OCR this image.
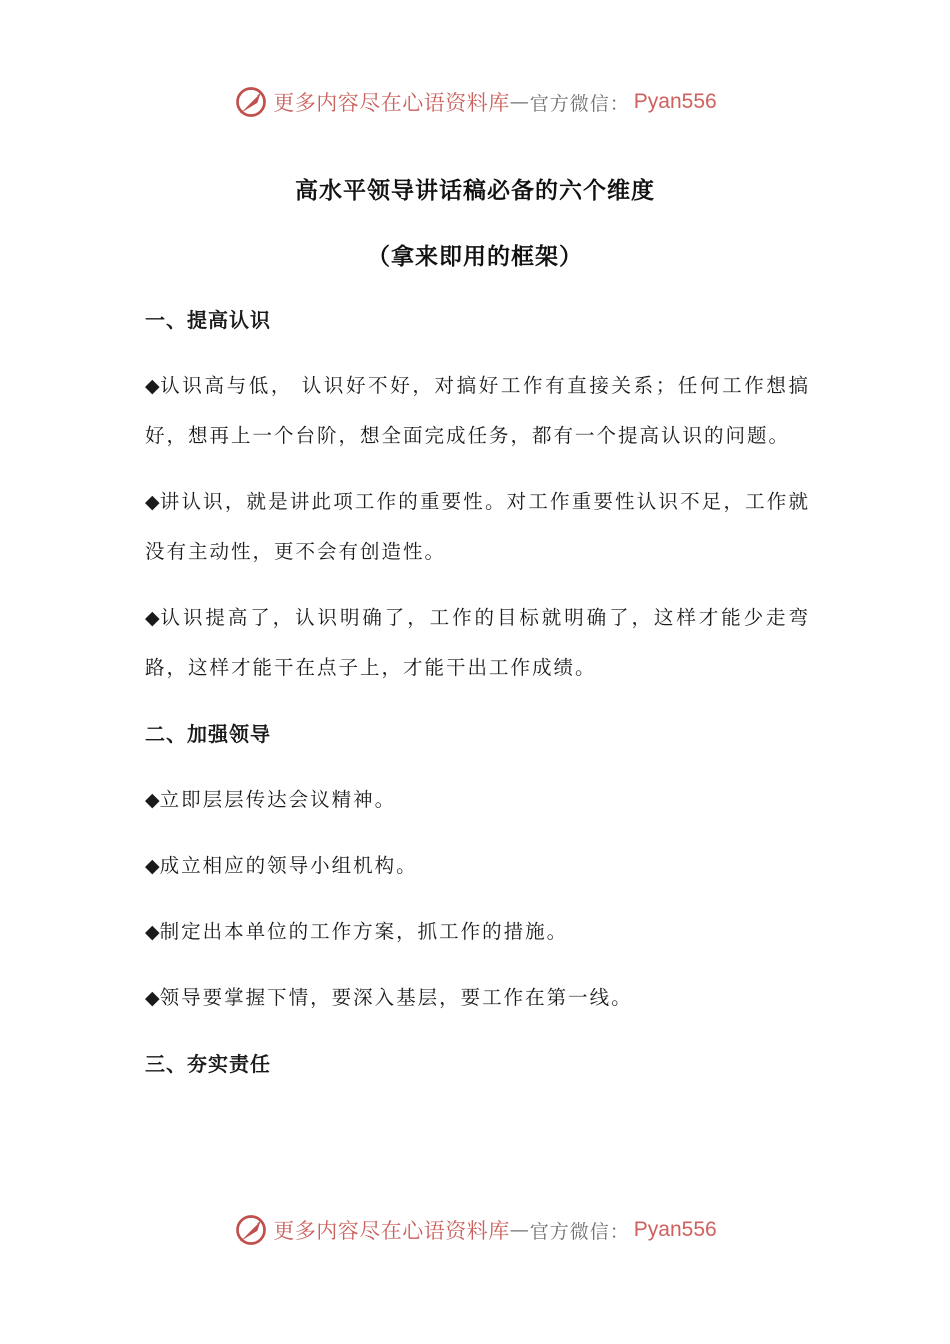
更多内容尽在心语资料库 — 官方微信： Pyan556
高水平领导讲话稿必备的六个维度
（拿来即用的框架）
一、提高认识
◆认识高与低， 认识好不好，对搞好工作有直接关系；任何工作想搞好，想再上一个台阶，想全面完成任务，都有一个提高认识的问题。
◆讲认识，就是讲此项工作的重要性。对工作重要性认识不足，工作就没有主动性，更不会有创造性。
◆认识提高了，认识明确了，工作的目标就明确了，这样才能少走弯路，这样才能干在点子上，才能干出工作成绩。
二、加强领导
◆立即层层传达会议精神。
◆成立相应的领导小组机构。
◆制定出本单位的工作方案，抓工作的措施。
◆领导要掌握下情，要深入基层，要工作在第一线。
三、夯实责任
更多内容尽在心语资料库 — 官方微信： Pyan556
